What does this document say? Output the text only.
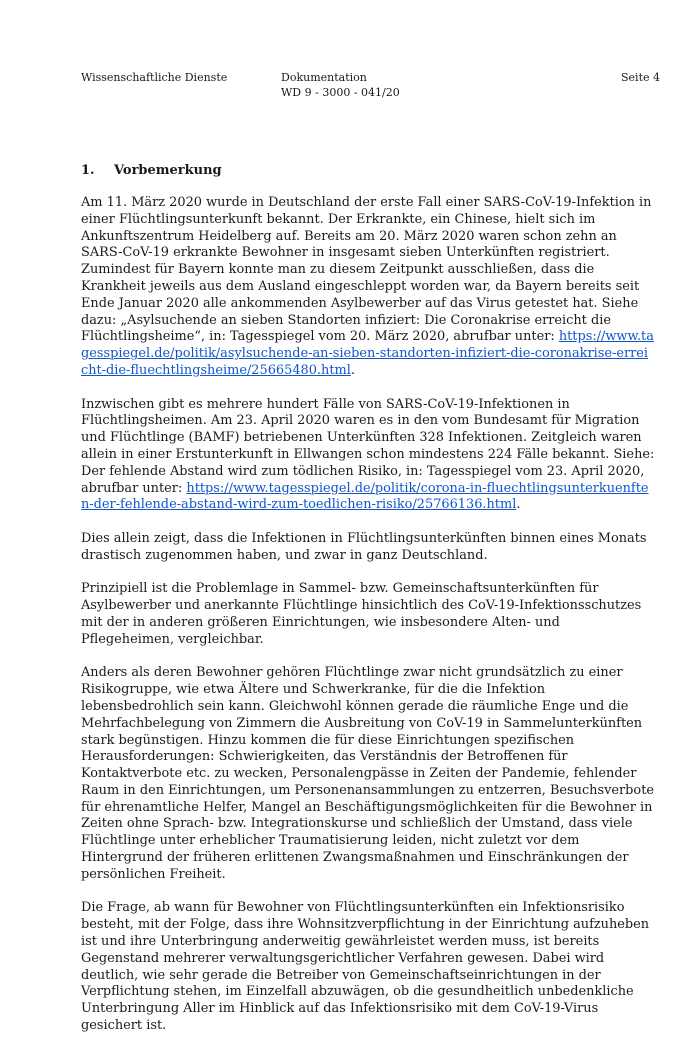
Wissenschaftliche Dienste	Dokumentation
WD 9 - 3000 - 041/20
Seite 4
1. Vorbemerkung

Am 11. März 2020 wurde in Deutschland der erste Fall einer SARS-CoV-19-Infektion in einer Flüchtlingsunterkunft bekannt. Der Erkrankte, ein Chinese, hielt sich im Ankunftszentrum Heidelberg auf. Bereits am 20. März 2020 waren schon zehn an SARS-CoV-19 erkrankte Bewohner in insgesamt sieben Unterkünften registriert. Zumindest für Bayern konnte man zu diesem Zeitpunkt ausschließen, dass die Krankheit jeweils aus dem Ausland eingeschleppt worden war, da Bayern bereits seit Ende Januar 2020 alle ankommenden Asylbewerber auf das Virus getestet hat. Siehe dazu: „Asylsuchende an sieben Standorten infiziert: Die Coronakrise erreicht die Flüchtlingsheime“, in: Tagesspiegel vom 20. März 2020, abrufbar unter: https://www.tagesspiegel.de/politik/asylsuchende-an-sieben-standorten-infiziert-die-coronakrise-erreicht-die-fluechtlingsheime/25665480.html.

Inzwischen gibt es mehrere hundert Fälle von SARS-CoV-19-Infektionen in Flüchtlingsheimen. Am 23. April 2020 waren es in den vom Bundesamt für Migration und Flüchtlinge (BAMF) betriebenen Unterkünften 328 Infektionen. Zeitgleich waren allein in einer Erstunterkunft in Ellwangen schon mindestens 224 Fälle bekannt. Siehe: Der fehlende Abstand wird zum tödlichen Risiko, in: Tagesspiegel vom 23. April 2020, abrufbar unter: https://www.tagesspiegel.de/politik/corona-in-fluechtlingsunterkuenften-der-fehlende-abstand-wird-zum-toedlichen-risiko/25766136.html.

Dies allein zeigt, dass die Infektionen in Flüchtlingsunterkünften binnen eines Monats drastisch zugenommen haben, und zwar in ganz Deutschland.

Prinzipiell ist die Problemlage in Sammel- bzw. Gemeinschaftsunterkünften für Asylbewerber und anerkannte Flüchtlinge hinsichtlich des CoV-19-Infektionsschutzes mit der in anderen größeren Einrichtungen, wie insbesondere Alten- und Pflegeheimen, vergleichbar.

Anders als deren Bewohner gehören Flüchtlinge zwar nicht grundsätzlich zu einer Risikogruppe, wie etwa Ältere und Schwerkranke, für die die Infektion lebensbedrohlich sein kann. Gleichwohl können gerade die räumliche Enge und die Mehrfachbelegung von Zimmern die Ausbreitung von CoV-19 in Sammelunterkünften stark begünstigen. Hinzu kommen die für diese Einrichtungen spezifischen Herausforderungen: Schwierigkeiten, das Verständnis der Betroffenen für Kontaktverbote etc. zu wecken, Personalengpässe in Zeiten der Pandemie, fehlender Raum in den Einrichtungen, um Personenansammlungen zu entzerren, Besuchsverbote für ehrenamtliche Helfer, Mangel an Beschäftigungsmöglichkeiten für die Bewohner in Zeiten ohne Sprach- bzw. Integrationskurse und schließlich der Umstand, dass viele Flüchtlinge unter erheblicher Traumatisierung leiden, nicht zuletzt vor dem Hintergrund der früheren erlittenen Zwangsmaßnahmen und Einschränkungen der persönlichen Freiheit.

Die Frage, ab wann für Bewohner von Flüchtlingsunterkünften ein Infektionsrisiko besteht, mit der Folge, dass ihre Wohnsitzverpflichtung in der Einrichtung aufzuheben ist und ihre Unterbringung anderweitig gewährleistet werden muss, ist bereits Gegenstand mehrerer verwaltungsgerichtlicher Verfahren gewesen. Dabei wird deutlich, wie sehr gerade die Betreiber von Gemeinschaftseinrichtungen in der Verpflichtung stehen, im Einzelfall abzuwägen, ob die gesundheitlich unbedenkliche Unterbringung Aller im Hinblick auf das Infektionsrisiko mit dem CoV-19-Virus gesichert ist.
